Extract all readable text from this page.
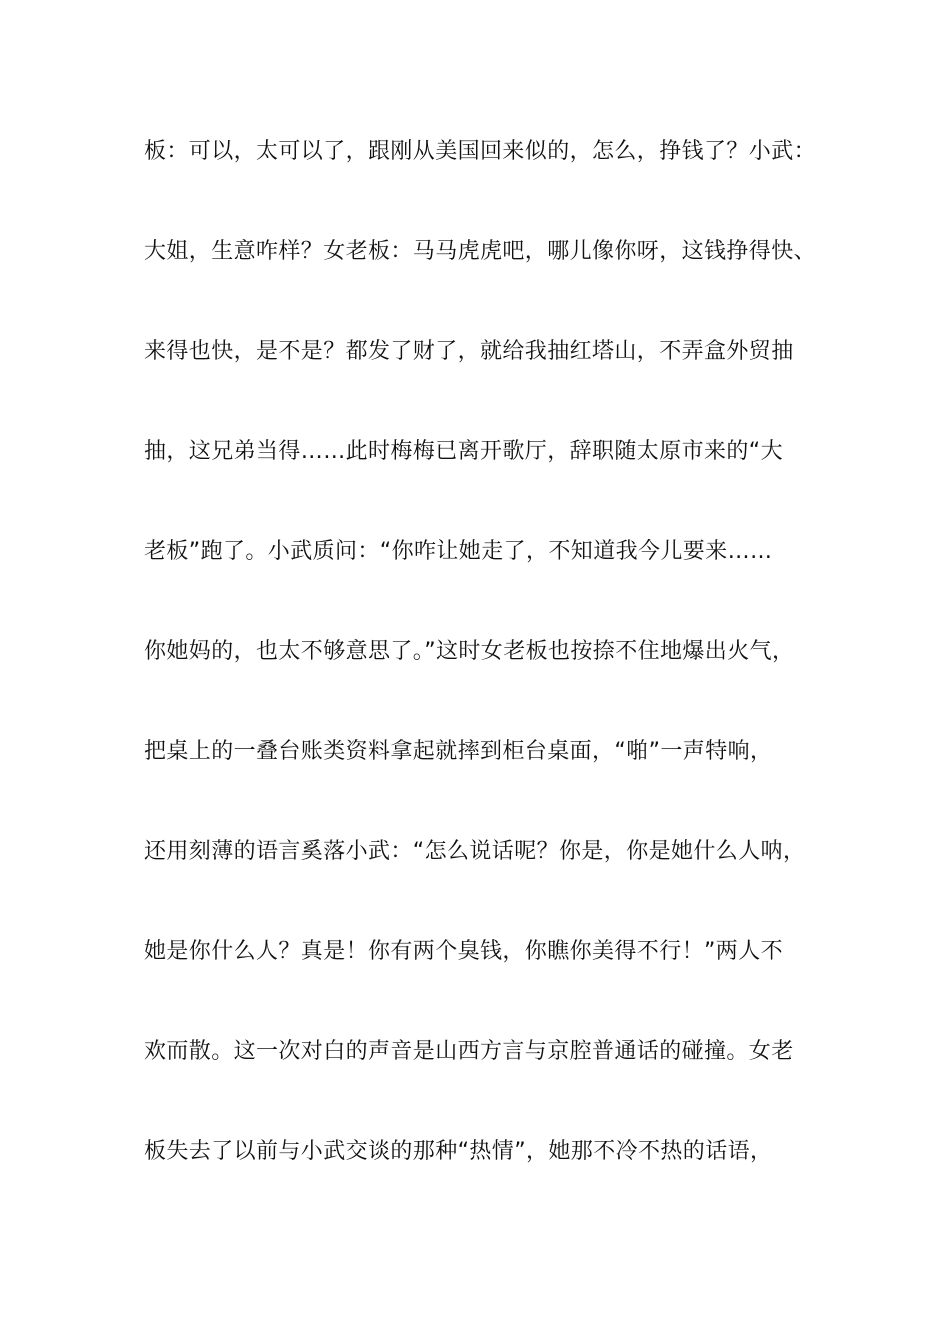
板：可以，太可以了，跟刚从美国回来似的，怎么，挣钱了？小武：
大姐，生意咋样？女老板：马马虎虎吧，哪儿像你呀，这钱挣得快、
来得也快，是不是？都发了财了，就给我抽红塔山，不弄盒外贸抽
抽，这兄弟当得……此时梅梅已离开歌厅，辞职随太原市来的“大
老板”跑了。小武质问：“你咋让她走了，不知道我今儿要来……
你她妈的，也太不够意思了。”这时女老板也按捺不住地爆出火气，
把桌上的一叠台账类资料拿起就摔到柜台桌面，“啪”一声特响，
还用刻薄的语言奚落小武：“怎么说话呢？你是，你是她什么人呐，
她是你什么人？真是！你有两个臭钱，你瞧你美得不行！”两人不
欢而散。这一次对白的声音是山西方言与京腔普通话的碰撞。女老
板失去了以前与小武交谈的那种“热情”，她那不冷不热的话语，
